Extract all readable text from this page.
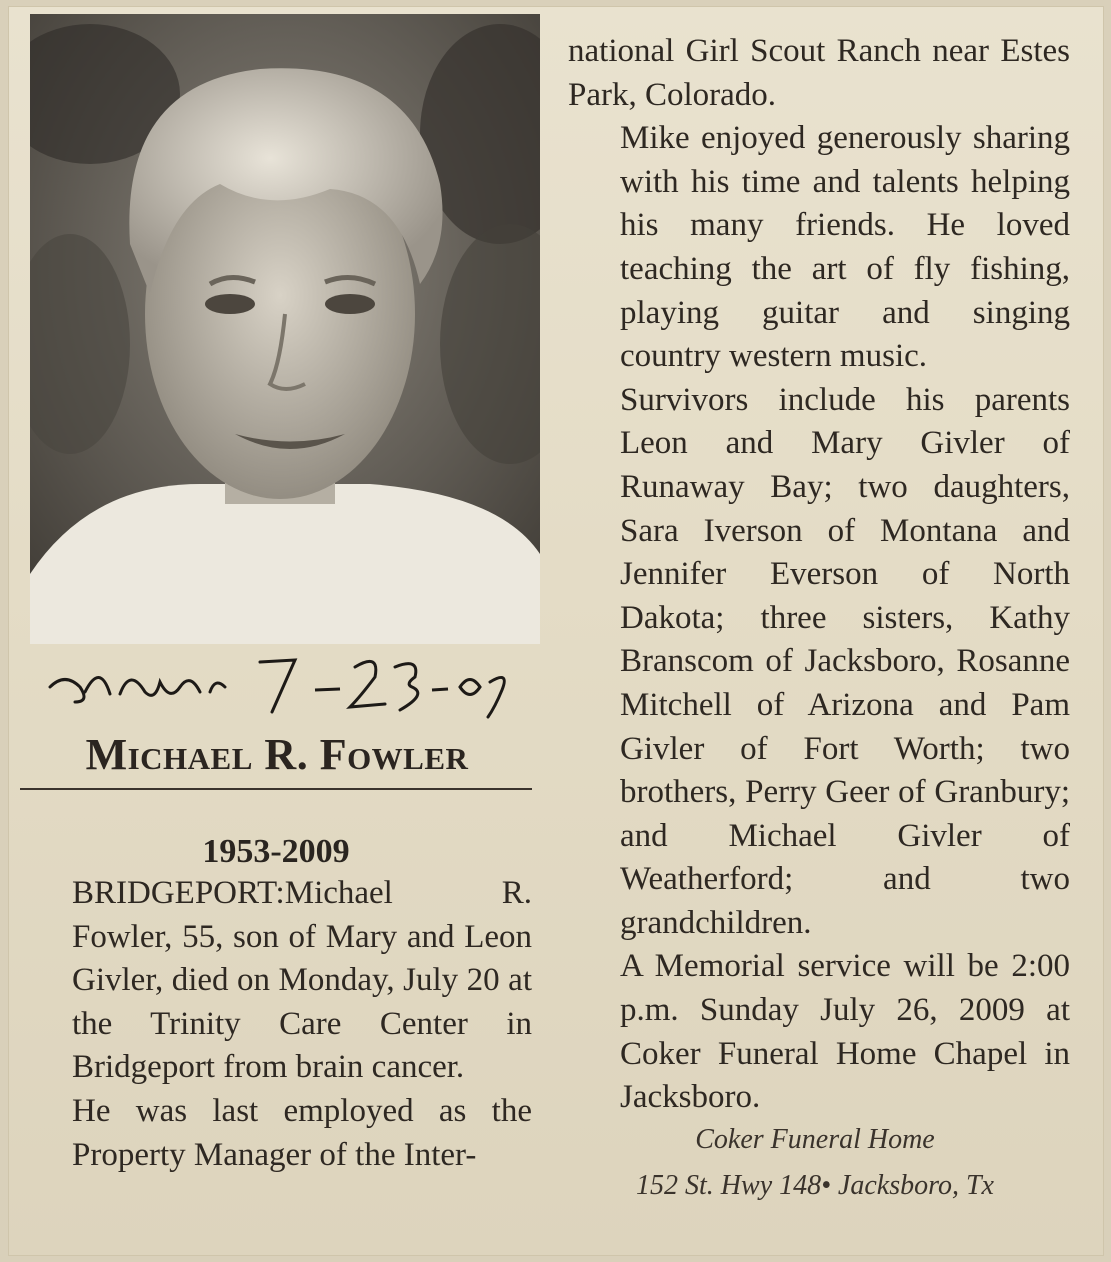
Michael R. Fowler

1953-2009

BRIDGEPORT:Michael R. Fowler, 55, son of Mary and Leon Givler, died on Monday, July 20 at the Trinity Care Center in Bridgeport from brain cancer.

He was last employed as the Property Manager of the Inter-

national Girl Scout Ranch near Estes Park, Colorado.

Mike enjoyed generously sharing with his time and talents helping his many friends. He loved teaching the art of fly fishing, playing guitar and singing country western music.

Survivors include his parents Leon and Mary Givler of Runaway Bay; two daughters, Sara Iverson of Montana and Jennifer Everson of North Dakota; three sisters, Kathy Branscom of Jacksboro, Rosanne Mitchell of Arizona and Pam Givler of Fort Worth; two brothers, Perry Geer of Granbury; and Michael Givler of Weatherford; and two grandchildren.

A Memorial service will be 2:00 p.m. Sunday July 26, 2009 at Coker Funeral Home Chapel in Jacksboro.

Coker Funeral Home
152 St. Hwy 148• Jacksboro, Tx
